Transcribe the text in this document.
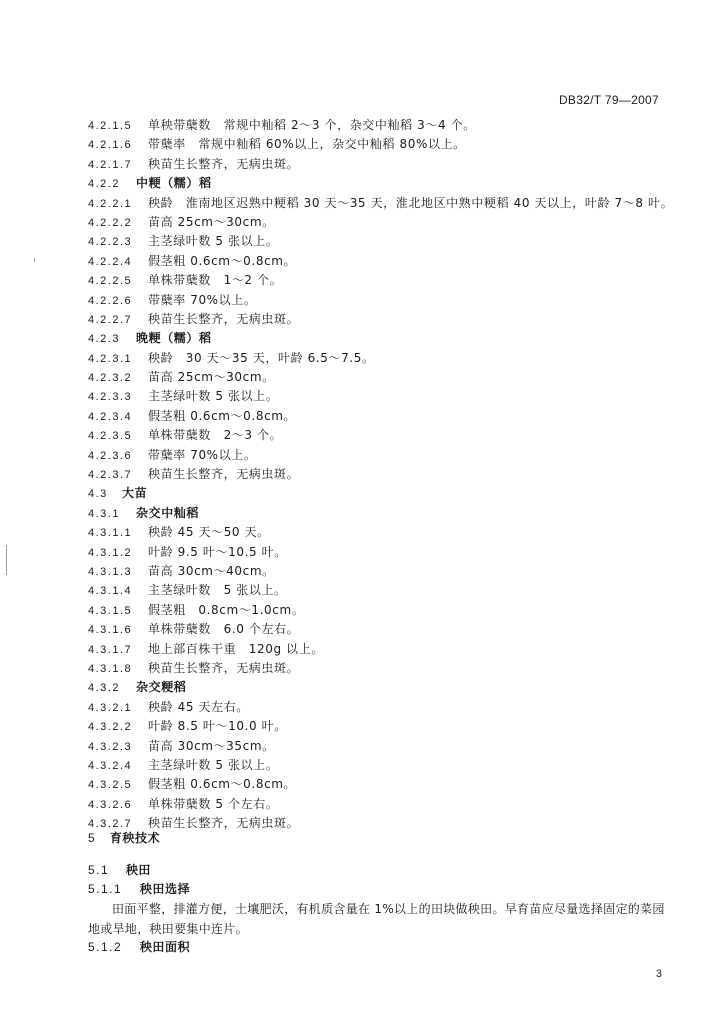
DB32/T 79—2007
4.2.1.5 单秧带蘖数　常规中籼稻 2～3 个，杂交中籼稻 3～4 个。
4.2.1.6 带蘖率　常规中籼稻 60%以上，杂交中籼稻 80%以上。
4.2.1.7 秧苗生长整齐，无病虫斑。
4.2.2 中粳（糯）稻
4.2.2.1 秧龄　淮南地区迟熟中粳稻 30 天～35 天，淮北地区中熟中粳稻 40 天以上，叶龄 7～8 叶。
4.2.2.2 苗高 25cm～30cm。
4.2.2.3 主茎绿叶数 5 张以上。
4.2.2.4 假茎粗 0.6cm～0.8cm。
4.2.2.5 单株带蘖数　1～2 个。
4.2.2.6 带蘖率 70%以上。
4.2.2.7 秧苗生长整齐，无病虫斑。
4.2.3 晚粳（糯）稻
4.2.3.1 秧龄　30 天～35 天，叶龄 6.5～7.5。
4.2.3.2 苗高 25cm～30cm。
4.2.3.3 主茎绿叶数 5 张以上。
4.2.3.4 假茎粗 0.6cm～0.8cm。
4.2.3.5 单株带蘖数　2～3 个。
4.2.3.6 带蘖率 70%以上。
4.2.3.7 秧苗生长整齐，无病虫斑。
4.3 大苗
4.3.1 杂交中籼稻
4.3.1.1 秧龄 45 天～50 天。
4.3.1.2 叶龄 9.5 叶～10.5 叶。
4.3.1.3 苗高 30cm～40cm。
4.3.1.4 主茎绿叶数　5 张以上。
4.3.1.5 假茎粗　0.8cm～1.0cm。
4.3.1.6 单株带蘖数　6.0 个左右。
4.3.1.7 地上部百株干重　120g 以上。
4.3.1.8 秧苗生长整齐，无病虫斑。
4.3.2 杂交粳稻
4.3.2.1 秧龄 45 天左右。
4.3.2.2 叶龄 8.5 叶～10.0 叶。
4.3.2.3 苗高 30cm～35cm。
4.3.2.4 主茎绿叶数 5 张以上。
4.3.2.5 假茎粗 0.6cm～0.8cm。
4.3.2.6 单株带蘖数 5 个左右。
4.3.2.7 秧苗生长整齐，无病虫斑。
5 育秧技术
5.1 秧田
5.1.1 秧田选择
田面平整，排灌方便，土壤肥沃，有机质含量在 1%以上的田块做秧田。早育苗应尽量选择固定的菜园地或旱地，秧田要集中连片。
5.1.2 秧田面积
3
